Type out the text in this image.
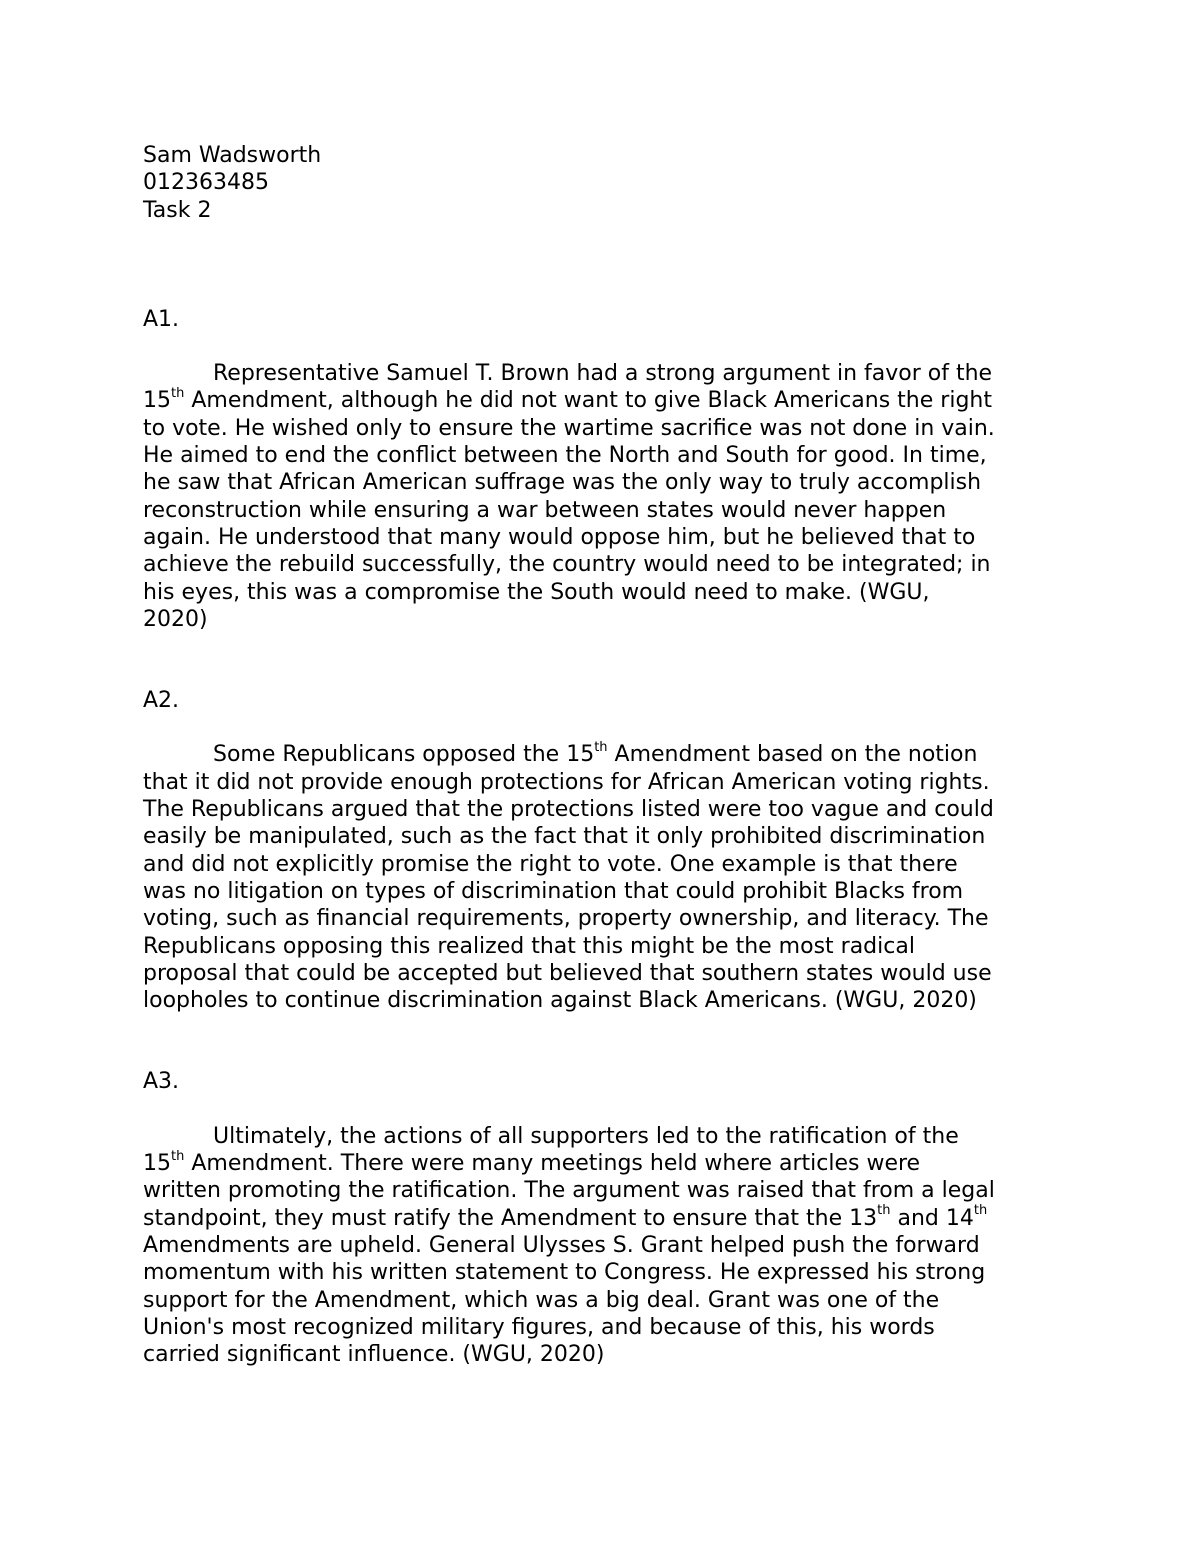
Sam Wadsworth
012363485
Task 2
A1.
Representative Samuel T. Brown had a strong argument in favor of the
15th Amendment, although he did not want to give Black Americans the right
to vote. He wished only to ensure the wartime sacrifice was not done in vain.
He aimed to end the conflict between the North and South for good. In time,
he saw that African American suffrage was the only way to truly accomplish
reconstruction while ensuring a war between states would never happen
again. He understood that many would oppose him, but he believed that to
achieve the rebuild successfully, the country would need to be integrated; in
his eyes, this was a compromise the South would need to make. (WGU,
2020)
A2.
Some Republicans opposed the 15th Amendment based on the notion
that it did not provide enough protections for African American voting rights.
The Republicans argued that the protections listed were too vague and could
easily be manipulated, such as the fact that it only prohibited discrimination
and did not explicitly promise the right to vote. One example is that there
was no litigation on types of discrimination that could prohibit Blacks from
voting, such as financial requirements, property ownership, and literacy. The
Republicans opposing this realized that this might be the most radical
proposal that could be accepted but believed that southern states would use
loopholes to continue discrimination against Black Americans. (WGU, 2020)
A3.
Ultimately, the actions of all supporters led to the ratification of the
15th Amendment. There were many meetings held where articles were
written promoting the ratification. The argument was raised that from a legal
standpoint, they must ratify the Amendment to ensure that the 13th and 14th
Amendments are upheld. General Ulysses S. Grant helped push the forward
momentum with his written statement to Congress. He expressed his strong
support for the Amendment, which was a big deal. Grant was one of the
Union's most recognized military figures, and because of this, his words
carried significant influence. (WGU, 2020)
